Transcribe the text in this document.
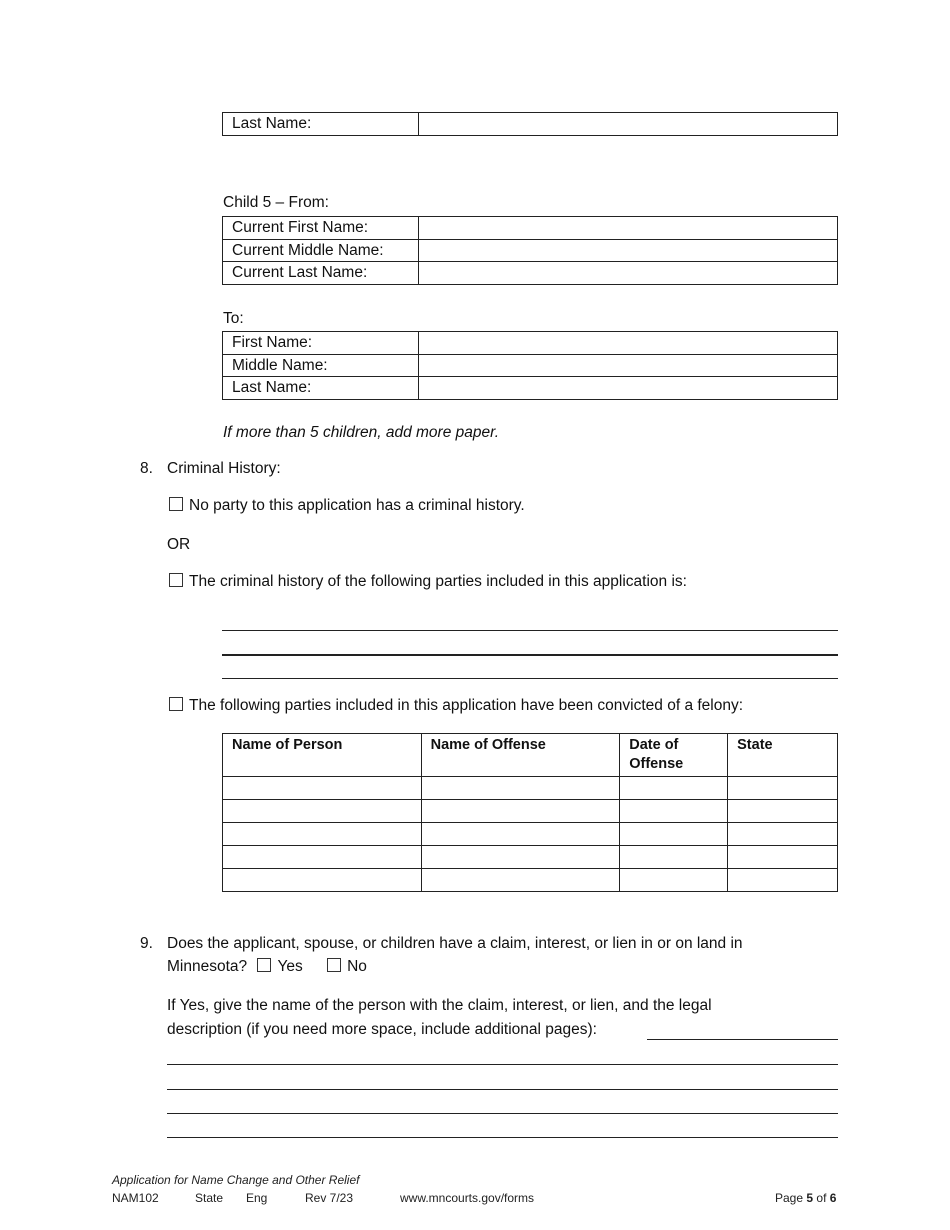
Last Name:	
Child 5 – From:
Current First Name:	
Current Middle Name:	
Current Last Name:	
To:
First Name:	
Middle Name:	
Last Name:	
If more than 5 children, add more paper.
8. Criminal History:
No party to this application has a criminal history.
OR
The criminal history of the following parties included in this application is:
The following parties included in this application have been convicted of a felony:
Name of Person	Name of Offense	Date of Offense	State

9. Does the applicant, spouse, or children have a claim, interest, or lien in or on land in
Minnesota? Yes	No
If Yes, give the name of the person with the claim, interest, or lien, and the legal
description (if you need more space, include additional pages):
Application for Name Change and Other Relief
NAM102	State Eng	Rev 7/23	www.mncourts.gov/forms	Page 5 of 6
